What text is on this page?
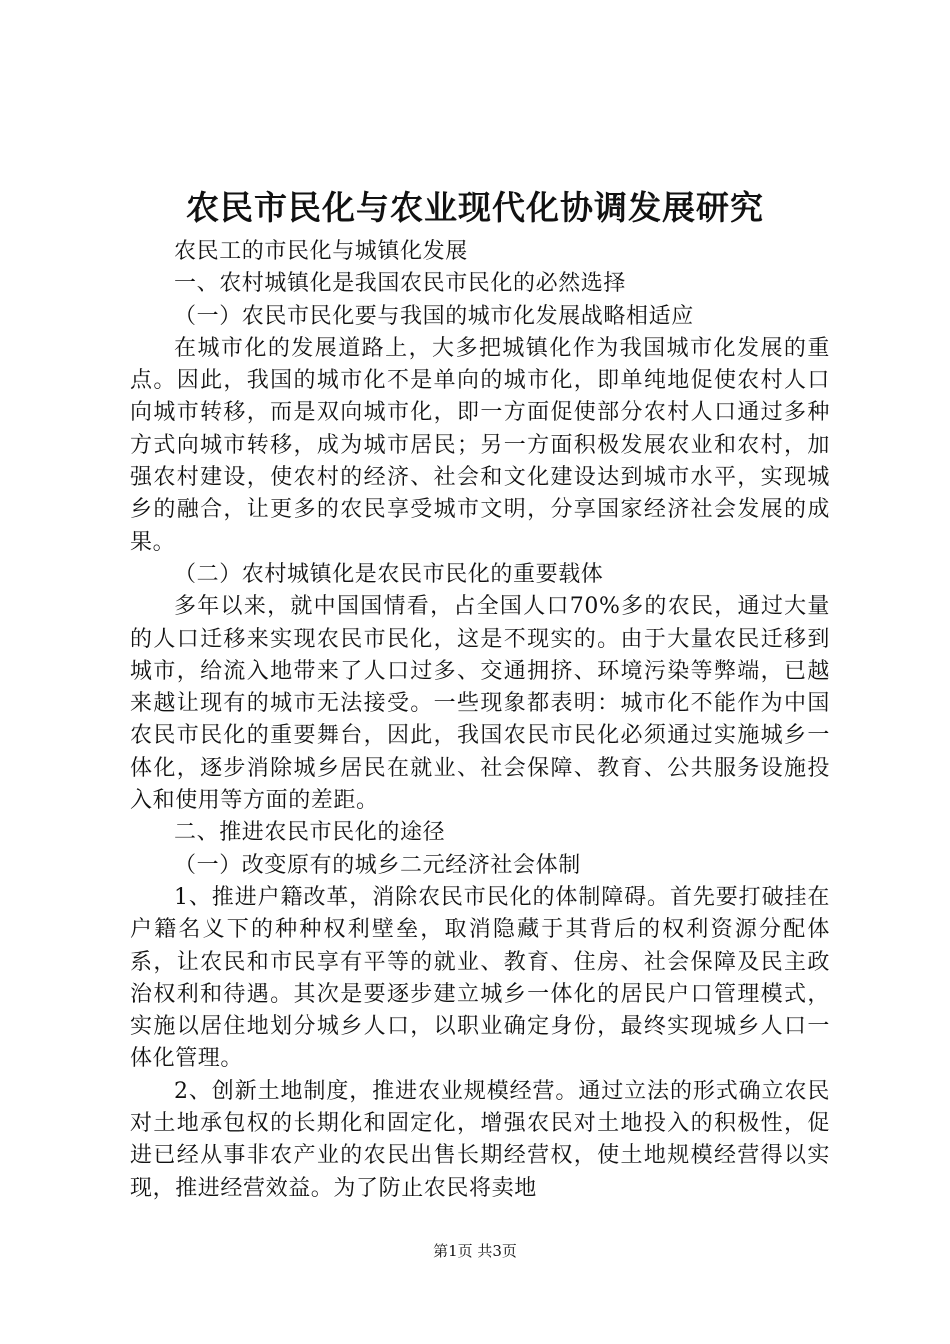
农民市民化与农业现代化协调发展研究

农民工的市民化与城镇化发展

一、农村城镇化是我国农民市民化的必然选择

（一）农民市民化要与我国的城市化发展战略相适应

在城市化的发展道路上，大多把城镇化作为我国城市化发展的重点。因此，我国的城市化不是单向的城市化，即单纯地促使农村人口向城市转移，而是双向城市化，即一方面促使部分农村人口通过多种方式向城市转移，成为城市居民；另一方面积极发展农业和农村，加强农村建设，使农村的经济、社会和文化建设达到城市水平，实现城乡的融合，让更多的农民享受城市文明，分享国家经济社会发展的成果。

（二）农村城镇化是农民市民化的重要载体

多年以来，就中国国情看，占全国人口70%多的农民，通过大量的人口迁移来实现农民市民化，这是不现实的。由于大量农民迁移到城市，给流入地带来了人口过多、交通拥挤、环境污染等弊端，已越来越让现有的城市无法接受。一些现象都表明：城市化不能作为中国农民市民化的重要舞台，因此，我国农民市民化必须通过实施城乡一体化，逐步消除城乡居民在就业、社会保障、教育、公共服务设施投入和使用等方面的差距。

二、推进农民市民化的途径

（一）改变原有的城乡二元经济社会体制

1、推进户籍改革，消除农民市民化的体制障碍。首先要打破挂在户籍名义下的种种权利壁垒，取消隐藏于其背后的权利资源分配体系，让农民和市民享有平等的就业、教育、住房、社会保障及民主政治权利和待遇。其次是要逐步建立城乡一体化的居民户口管理模式，实施以居住地划分城乡人口，以职业确定身份，最终实现城乡人口一体化管理。

2、创新土地制度，推进农业规模经营。通过立法的形式确立农民对土地承包权的长期化和固定化，增强农民对土地投入的积极性，促进已经从事非农产业的农民出售长期经营权，使土地规模经营得以实现，推进经营效益。为了防止农民将卖地

第1页 共3页
